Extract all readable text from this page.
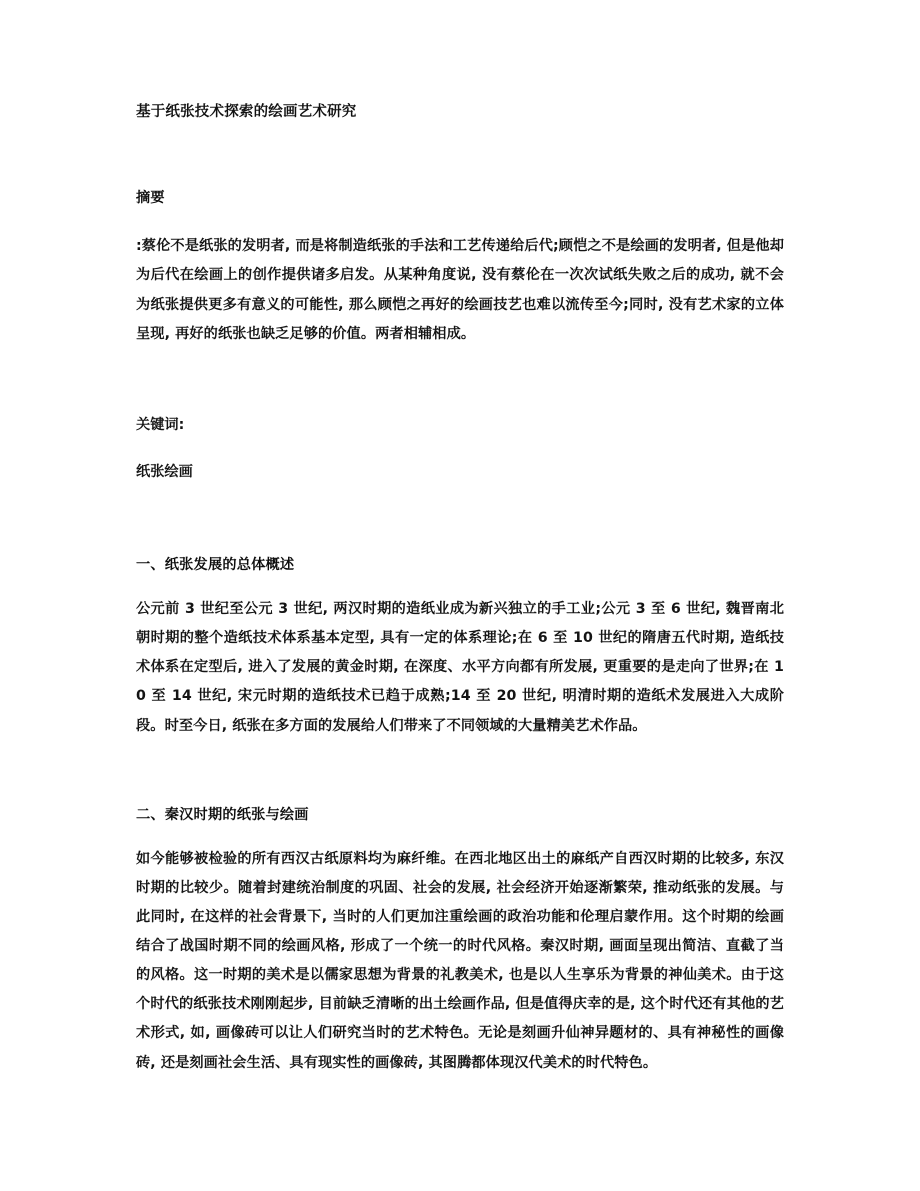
基于纸张技术探索的绘画艺术研究
摘要

:蔡伦不是纸张的发明者, 而是将制造纸张的手法和工艺传递给后代;顾恺之不是绘画的发明者, 但是他却为后代在绘画上的创作提供诸多启发。从某种角度说, 没有蔡伦在一次次试纸失败之后的成功, 就不会为纸张提供更多有意义的可能性, 那么顾恺之再好的绘画技艺也难以流传至今;同时, 没有艺术家的立体呈现, 再好的纸张也缺乏足够的价值。两者相辅相成。

关键词:

纸张绘画

一、纸张发展的总体概述

公元前 3 世纪至公元 3 世纪, 两汉时期的造纸业成为新兴独立的手工业;公元 3 至 6 世纪, 魏晋南北朝时期的整个造纸技术体系基本定型, 具有一定的体系理论;在 6 至 10 世纪的隋唐五代时期, 造纸技术体系在定型后, 进入了发展的黄金时期, 在深度、水平方向都有所发展, 更重要的是走向了世界;在 10 至 14 世纪, 宋元时期的造纸技术已趋于成熟;14 至 20 世纪, 明清时期的造纸术发展进入大成阶段。时至今日, 纸张在多方面的发展给人们带来了不同领域的大量精美艺术作品。

二、秦汉时期的纸张与绘画

如今能够被检验的所有西汉古纸原料均为麻纤维。在西北地区出土的麻纸产自西汉时期的比较多, 东汉时期的比较少。随着封建统治制度的巩固、社会的发展, 社会经济开始逐渐繁荣, 推动纸张的发展。与此同时, 在这样的社会背景下, 当时的人们更加注重绘画的政治功能和伦理启蒙作用。这个时期的绘画结合了战国时期不同的绘画风格, 形成了一个统一的时代风格。秦汉时期, 画面呈现出简洁、直截了当的风格。这一时期的美术是以儒家思想为背景的礼教美术, 也是以人生享乐为背景的神仙美术。由于这个时代的纸张技术刚刚起步, 目前缺乏清晰的出土绘画作品, 但是值得庆幸的是, 这个时代还有其他的艺术形式, 如, 画像砖可以让人们研究当时的艺术特色。无论是刻画升仙神异题材的、具有神秘性的画像砖, 还是刻画社会生活、具有现实性的画像砖, 其图腾都体现汉代美术的时代特色。
